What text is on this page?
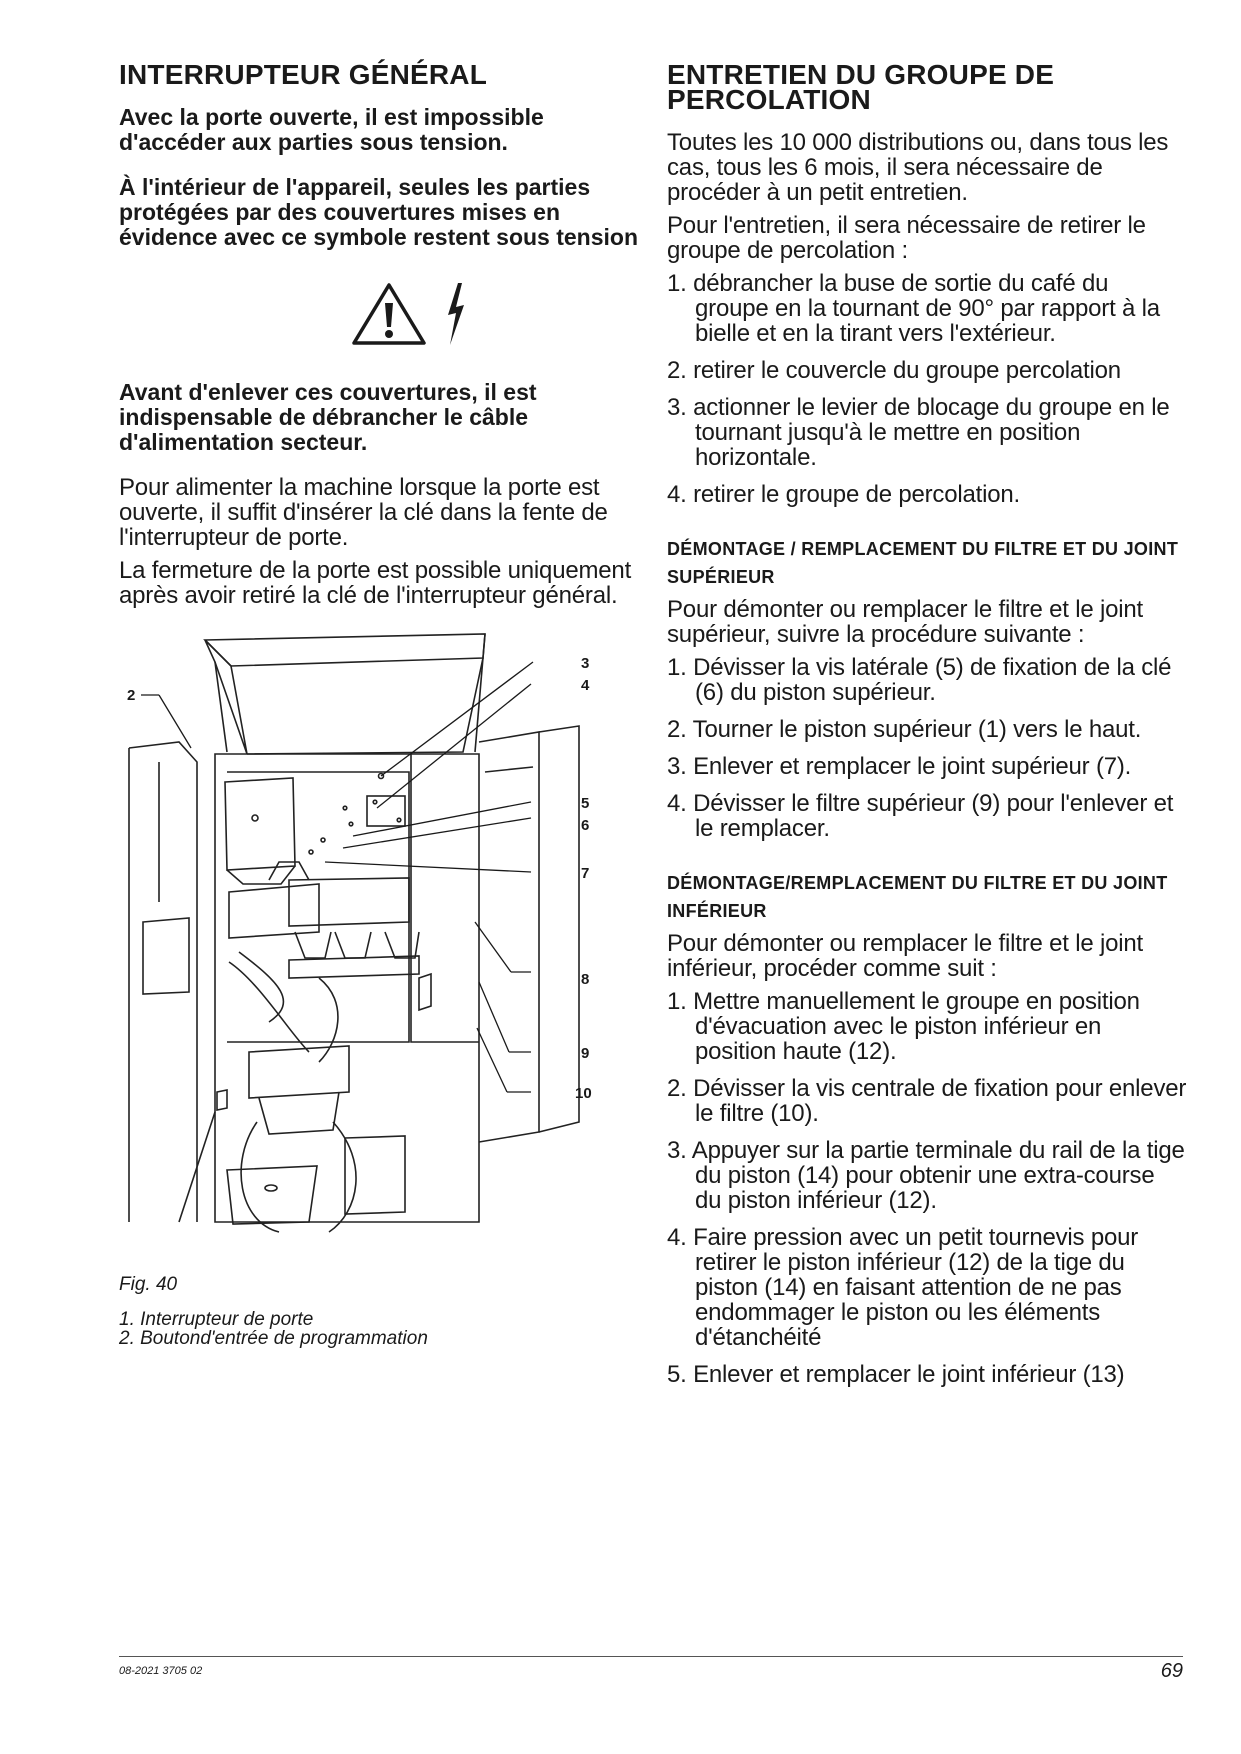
INTERRUPTEUR GÉNÉRAL
Avec la porte ouverte, il est impossible d'accéder aux parties sous tension.
À l'intérieur de l'appareil, seules les parties protégées par des couvertures mises en évidence avec ce symbole restent sous tension
Avant d'enlever ces couvertures, il est indispensable de débrancher le câble d'alimentation secteur.

Pour alimenter la machine lorsque la porte est ouverte, il suffit d'insérer la clé dans la fente de l'interrupteur de porte.

La fermeture de la porte est possible uniquement après avoir retiré la clé de l'interrupteur général.

2
3
4
5
6
7
8
9
10
Fig. 40
1. Interrupteur de porte
2. Boutond'entrée de programmation
ENTRETIEN DU GROUPE DE PERCOLATION

Toutes les 10 000 distributions ou, dans tous les cas, tous les 6 mois, il sera nécessaire de procéder à un petit entretien.

Pour l'entretien, il sera nécessaire de retirer le groupe de percolation :

1. débrancher la buse de sortie du café du groupe en la tournant de 90° par rapport à la bielle et en la tirant vers l'extérieur.
2. retirer le couvercle du groupe percolation
3. actionner le levier de blocage du groupe en le tournant jusqu'à le mettre en position horizontale.
4. retirer le groupe de percolation.
DÉMONTAGE / REMPLACEMENT DU FILTRE ET DU JOINT SUPÉRIEUR

Pour démonter ou remplacer le filtre et le joint supérieur, suivre la procédure suivante :

1. Dévisser la vis latérale (5) de fixation de la clé (6) du piston supérieur.
2. Tourner le piston supérieur (1) vers le haut.
3. Enlever et remplacer le joint supérieur (7).
4. Dévisser le filtre supérieur (9) pour l'enlever et le remplacer.
DÉMONTAGE/REMPLACEMENT DU FILTRE ET DU JOINT INFÉRIEUR

Pour démonter ou remplacer le filtre et le joint inférieur, procéder comme suit :

1. Mettre manuellement le groupe en position d'évacuation avec le piston inférieur en position haute (12).
2. Dévisser la vis centrale de fixation pour enlever le filtre (10).
3. Appuyer sur la partie terminale du rail de la tige du piston (14) pour obtenir une extra-course du piston inférieur (12).
4. Faire pression avec un petit tournevis pour retirer le piston inférieur (12) de la tige du piston (14) en faisant attention de ne pas endommager le piston ou les éléments d'étanchéité
5. Enlever et remplacer le joint inférieur (13)
08-2021 3705 02	69
